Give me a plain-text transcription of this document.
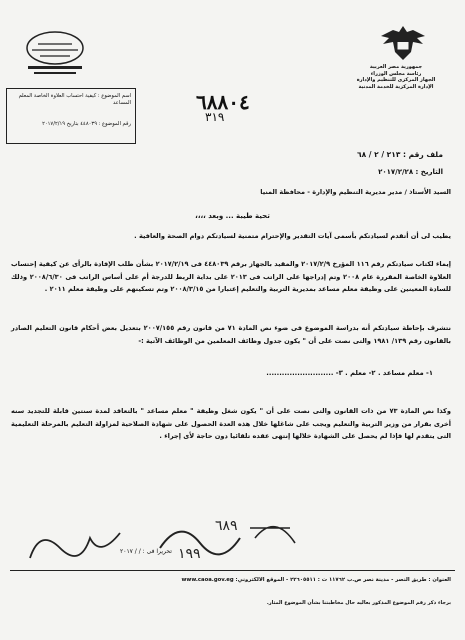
جمهورية مصر العربية
رئاسة مجلس الوزراء
الجهاز المركزى للتنظيم والإدارة
الإدارة المركزية للخدمة المدنية
اسم الموضوع : كيفية احتساب العلاوة الخاصة المعلم المساعد
رقم الموضوع : ٤٤٨٠٣٩ بتاريخ ٢٠١٧/٢/١٩
٦٨٨٠٤
٣١٩
ملف رقم : ٢١٣ / ٢ / ٦٨
التاريخ : ٢٠١٧/٢/٢٨
السيد الأستاذ / مدير مديرية التنظيم والإدارة - محافظة المنيا
تحية طيبة ... وبعد ،،،،
يطيب لى أن أتقدم لسيادتكم بأسمى آيات التقدير والإحترام متمنية لسيادتكم دوام الصحة والعافية .
إيماء لكتاب سيادتكم رقم ١١٦ المؤرخ ٢٠١٧/٢/٩ والمقيد بالجهاز برقم ٤٤٨٠٣٩ فى ٢٠١٧/٢/١٩ بشأن طلب الإفادة بالرأى عن كيفية إحتساب العلاوة الخاصة المقررة عام ٢٠٠٨ وتم إدراجها على الراتب فى ٢٠١٣ على بداية الربط للدرجة أم على أساس الراتب فى ٢٠٠٨/٦/٣٠ وذلك للسادة المعينين على وظيفة معلم مساعد بمديرية التربية والتعليم إعتبارا من ٢٠٠٨/٣/١٥ وتم تسكينهم على وظيفة معلم ٢٠١١ .
نتشرف بإحاطة سيادتكم أنه بدراسة الموضوع فى ضوء نص المادة ٧١ من قانون رقم ٢٠٠٧/١٥٥ بتعديل بعض أحكام قانون التعليم الصادر بالقانون رقم ١٣٩/ ١٩٨١ والتى نصت على أن " يكون جدول وظائف المعلمين من الوظائف الآتية :-
١- معلم مساعد . ٢- معلم . ٣- ..........................
وكذا نص المادة ٧٣ من ذات القانون والتى نصت على أن " يكون شغل وظيفة " معلم مساعد " بالتعاقد لمدة سنتين قابلة للتجديد سنه أخرى بقرار من وزير التربية والتعليم ويجب على شاغلها خلال هذه العدة الحصول على شهادة الصلاحية لمزاولة التعليم بالمرحلة التعليمية التى يتقدم لها فإذا لم يحصل على الشهادة خلالها إنتهى عقده تلقائيا دون حاجة لأى إجراء .
٦٨٩
١٩٩
تحريرا فى : / / ٢٠١٧
العنوان : طريق النصر - مدينة نصر ص.ب ١١٧٦٢ ت : ٢٢٦٠٥٥١١ - الموقع الالكتروني: www.caoa.gov.eg
برجاء ذكر رقم الموضوع المذكور بعاليه حال مخاطبتنا بشأن الموضوع المثار.
